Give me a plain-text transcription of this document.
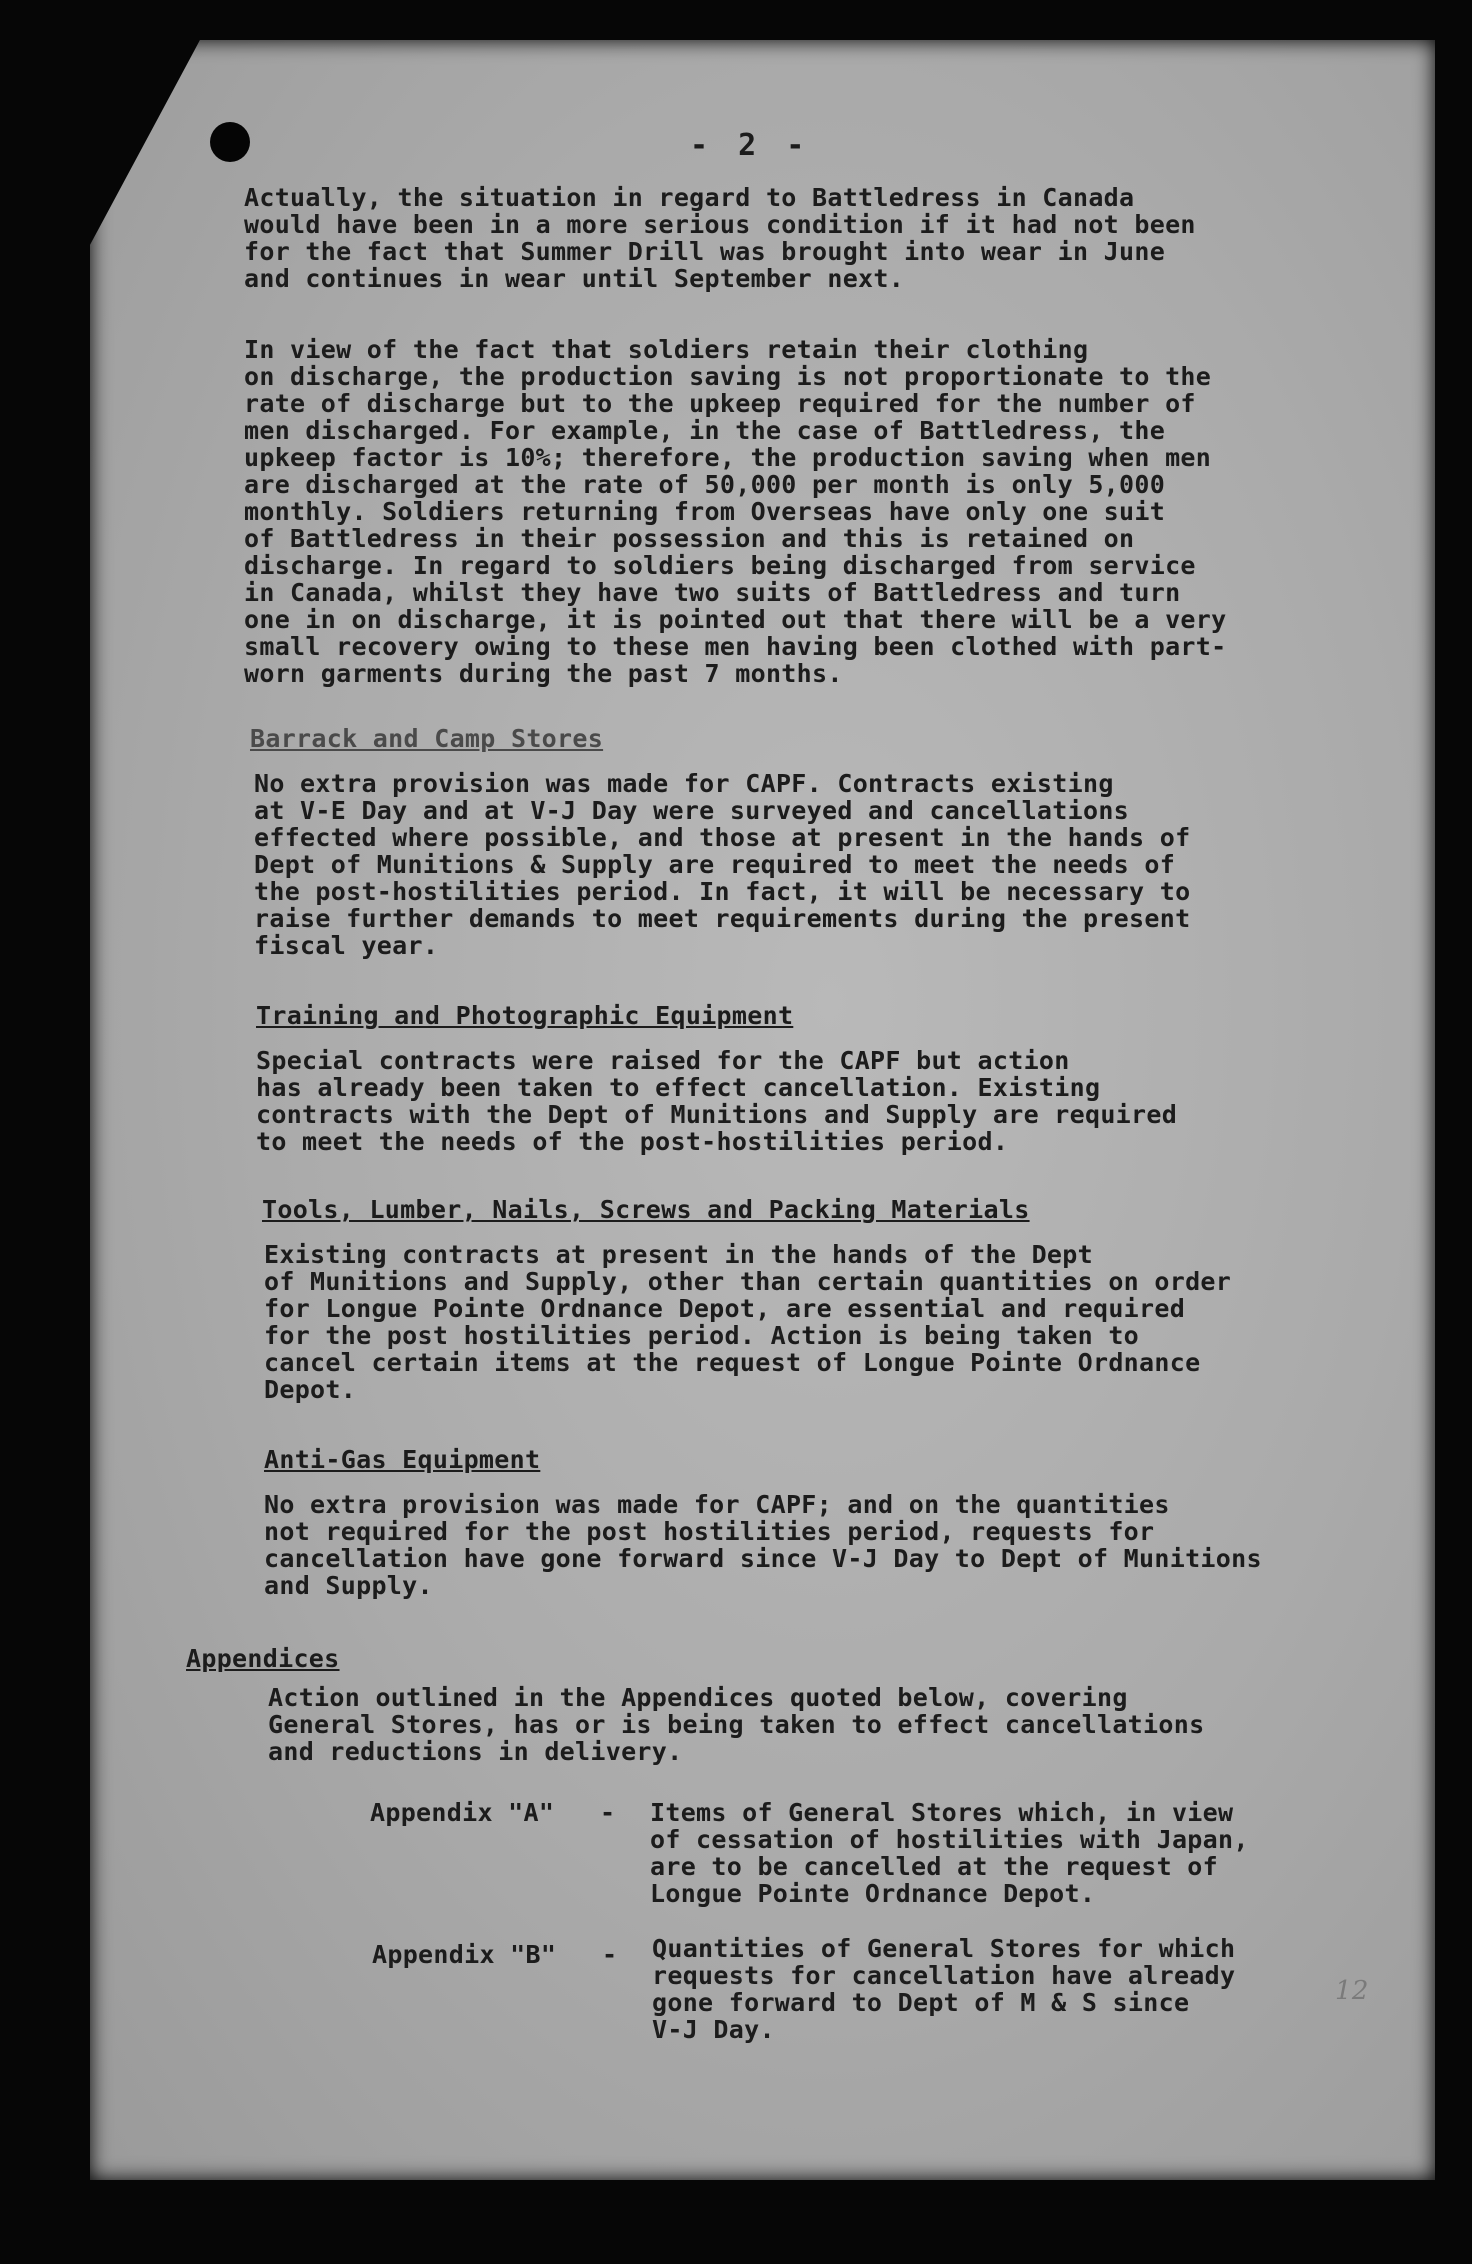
- 2 -
Actually, the situation in regard to Battledress in Canada
would have been in a more serious condition if it had not been
for the fact that Summer Drill was brought into wear in June
and continues in wear until September next.
In view of the fact that soldiers retain their clothing
on discharge, the production saving is not proportionate to the
rate of discharge but to the upkeep required for the number of
men discharged. For example, in the case of Battledress, the
upkeep factor is 10%; therefore, the production saving when men
are discharged at the rate of 50,000 per month is only 5,000
monthly. Soldiers returning from Overseas have only one suit
of Battledress in their possession and this is retained on
discharge. In regard to soldiers being discharged from service
in Canada, whilst they have two suits of Battledress and turn
one in on discharge, it is pointed out that there will be a very
small recovery owing to these men having been clothed with part-
worn garments during the past 7 months.
Barrack and Camp Stores
No extra provision was made for CAPF. Contracts existing
at V-E Day and at V-J Day were surveyed and cancellations
effected where possible, and those at present in the hands of
Dept of Munitions & Supply are required to meet the needs of
the post-hostilities period. In fact, it will be necessary to
raise further demands to meet requirements during the present
fiscal year.
Training and Photographic Equipment
Special contracts were raised for the CAPF but action
has already been taken to effect cancellation. Existing
contracts with the Dept of Munitions and Supply are required
to meet the needs of the post-hostilities period.
Tools, Lumber, Nails, Screws and Packing Materials
Existing contracts at present in the hands of the Dept
of Munitions and Supply, other than certain quantities on order
for Longue Pointe Ordnance Depot, are essential and required
for the post hostilities period. Action is being taken to
cancel certain items at the request of Longue Pointe Ordnance
Depot.
Anti-Gas Equipment
No extra provision was made for CAPF; and on the quantities
not required for the post hostilities period, requests for
cancellation have gone forward since V-J Day to Dept of Munitions
and Supply.
Appendices
Action outlined in the Appendices quoted below, covering
General Stores, has or is being taken to effect cancellations
and reductions in delivery.
Appendix "A" - Items of General Stores which, in view
of cessation of hostilities with Japan,
are to be cancelled at the request of
Longue Pointe Ordnance Depot.
Appendix "B" - Quantities of General Stores for which
requests for cancellation have already
gone forward to Dept of M & S since
V-J Day.
12
